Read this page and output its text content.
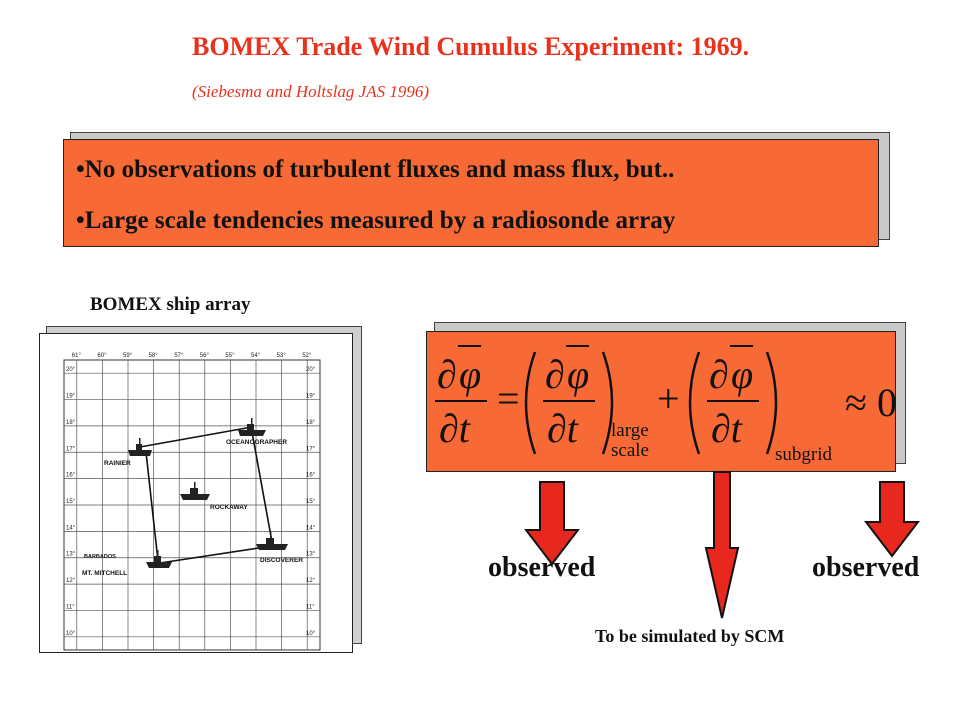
BOMEX Trade Wind Cumulus Experiment: 1969.
(Siebesma and Holtslag JAS 1996)
•No observations of turbulent fluxes and mass flux, but..
•Large scale tendencies measured by a radiosonde array
BOMEX ship array
61°	60°	59°	58°	57°	56°	55°	54°	53°	52°
20°
19°
18°
17°
16°
15°
14°
13°
12°
11°
10°
20°
19°
18°
17°
16°
15°
14°
13°
12°
11°
10°
RAINIER
OCEANOGRAPHER
ROCKAWAY
DISCOVERER
MT. MITCHELL
BARBADOS
∂ φ
∂t
=
∂ φ
∂t large
scale
+
∂ φ
∂t
subgrid
≈ 0
observed	observed
To be simulated by SCM
